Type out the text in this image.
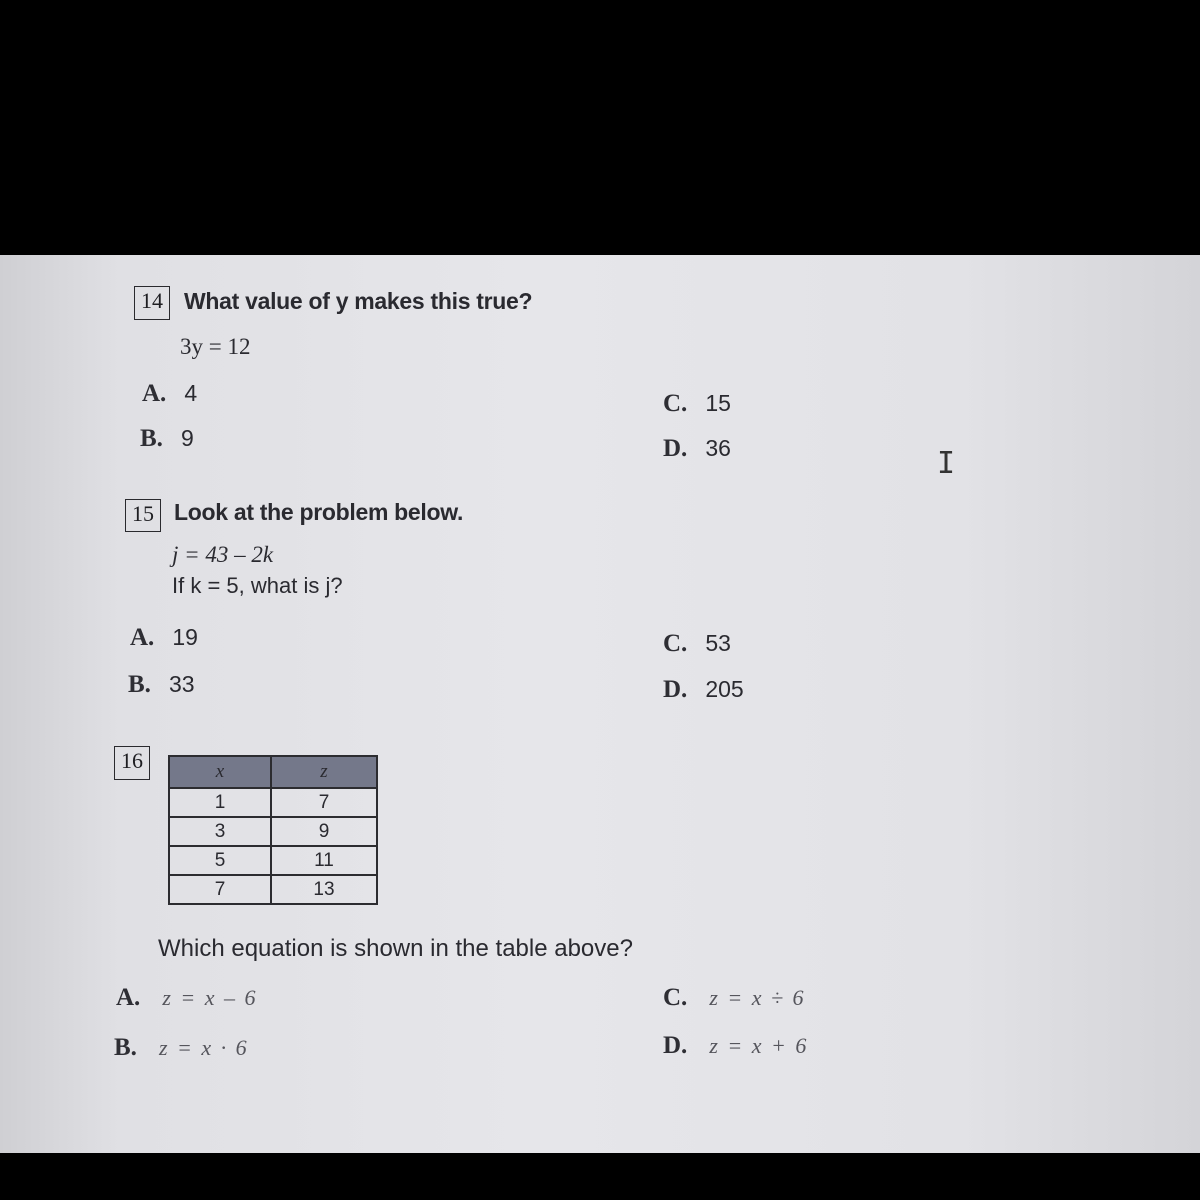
14 What value of y makes this true?
3y = 12
A. 4
B. 9
C. 15
D. 36	I
15 Look at the problem below.
j = 43 – 2k
If k = 5, what is j?
A. 19
B. 33
C. 53
D. 205
16	x	z
1	7
3	9
5	11
7	13
Which equation is shown in the table above?
A. z = x – 6
B. z = x · 6
C. z = x ÷ 6
D. z = x + 6
